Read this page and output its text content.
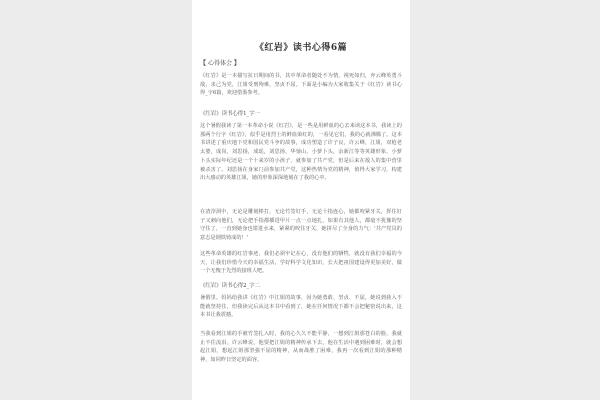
《红岩》读书心得6篇
【 心得体会 】

《红岩》是一本描写抗日期间的书，其中革命者随处不为情，视死如归，弃云峰英勇斗敌，求己为党，江姐受刑殉难，坚贞不屈。下面是小编为大家收集关于《红岩》读书心得_字6篇，欢迎借鉴参考。

《红岩》读书心得1_字一

这个暑假我读了第一本革命小说《红岩》，是一些是用鲜血的心去来读这本书，我读上的那两个行字《红岩》，似乎是用烈士的鲜血染红的，一看见它们，我的心就沸腾了。这本书讲述了重庆地下党和国民党斗争的故事，成功塑造了许子良，许云峰，江姐，双枪老太婆，成岗，刘思扬，成瑶，刘思扬，华蓥山，小萝卜头，余新江等等英雄形象。小萝卜头实际年纪还是一个十来岁的小孩子，就参加了共产党，但是后来在敌人的集中营里被杀害了。刘思扬在身家门前参加共产党，这种热情为党的精神，值得大家学习，构建出大感动的英雄江姐，她的形象深深地刻在了我的心中。

在渣滓洞中，无论是雕刻棒打，无论竹签钉手，无论十指连心，她都咬紧牙关，挥住钉子又刺向他们，无论把手指都插进甲片一点一点地扎，如果有其他人，都毫不犹豫的坚守住了，一直到她身也钳进水来，紧紧的咬住牙关，她拼尽了全身的力气：'共产党员的意志是钢铁铸成的！'

这些革命英雄的红岩事迹，我们必须牢记在心，没有他们的牺牲，就没有我们幸福的今天，让我们珍惜今天的幸福生活，学好科学文化知识，长大把祖国建设得更加美好，做一个无愧于先烈的接班人吧。

《红岩》读书心得2_字二

暑假里，妈妈给我讲《红岩》中江姐的故事，因为她勇敢、坚贞、不屈，她说到我入不能就坚持住，但我读完后从这本书中看到了，她在任何情况下都不会把秘密说出来，这本书让我震撼。

当我看到江姐的手被竹签扎入时，我的心久久不能平静，一想到江姐那苍白的脸，我就止不住流泪。许云峰说，他要把江姐的精神传承下去，他在生活中遇到困难时，就会想起江姐，想起江姐那坚强不屈的精神，从而战胜了困难，我再一次看到江姐的那种精神，如同昨日坚定的面容。
